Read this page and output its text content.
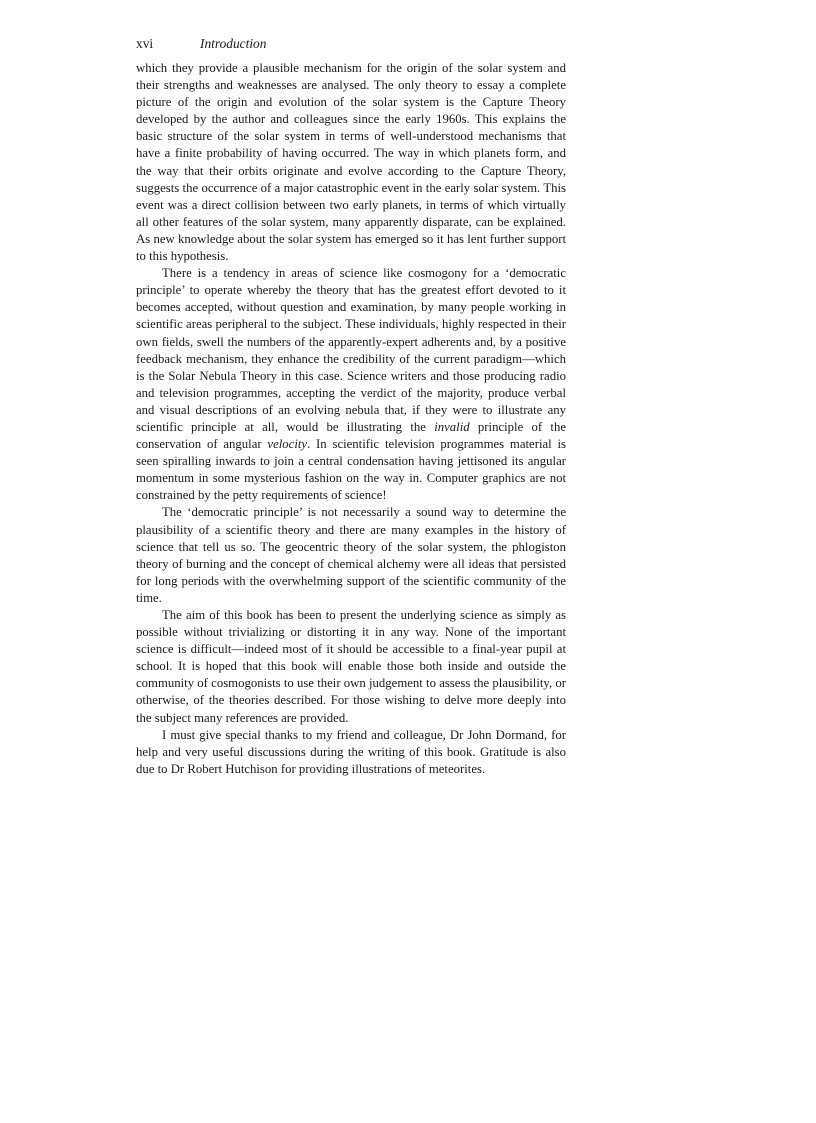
xvi	Introduction

which they provide a plausible mechanism for the origin of the solar system and their strengths and weaknesses are analysed. The only theory to essay a complete picture of the origin and evolution of the solar system is the Capture Theory developed by the author and colleagues since the early 1960s. This explains the basic structure of the solar system in terms of well-understood mechanisms that have a finite probability of having occurred. The way in which planets form, and the way that their orbits originate and evolve according to the Capture Theory, suggests the occurrence of a major catastrophic event in the early solar system. This event was a direct collision between two early planets, in terms of which virtually all other features of the solar system, many apparently disparate, can be explained. As new knowledge about the solar system has emerged so it has lent further support to this hypothesis.

There is a tendency in areas of science like cosmogony for a ‘democratic principle’ to operate whereby the theory that has the greatest effort devoted to it becomes accepted, without question and examination, by many people working in scientific areas peripheral to the subject. These individuals, highly respected in their own fields, swell the numbers of the apparently-expert adherents and, by a positive feedback mechanism, they enhance the credibility of the current paradigm—which is the Solar Nebula Theory in this case. Science writers and those producing radio and television programmes, accepting the verdict of the majority, produce verbal and visual descriptions of an evolving nebula that, if they were to illustrate any scientific principle at all, would be illustrating the invalid principle of the conservation of angular velocity. In scientific television programmes material is seen spiralling inwards to join a central condensation having jettisoned its angular momentum in some mysterious fashion on the way in. Computer graphics are not constrained by the petty requirements of science!

The ‘democratic principle’ is not necessarily a sound way to determine the plausibility of a scientific theory and there are many examples in the history of science that tell us so. The geocentric theory of the solar system, the phlogiston theory of burning and the concept of chemical alchemy were all ideas that persisted for long periods with the overwhelming support of the scientific community of the time.

The aim of this book has been to present the underlying science as simply as possible without trivializing or distorting it in any way. None of the important science is difficult—indeed most of it should be accessible to a final-year pupil at school. It is hoped that this book will enable those both inside and outside the community of cosmogonists to use their own judgement to assess the plausibility, or otherwise, of the theories described. For those wishing to delve more deeply into the subject many references are provided.

I must give special thanks to my friend and colleague, Dr John Dormand, for help and very useful discussions during the writing of this book. Gratitude is also due to Dr Robert Hutchison for providing illustrations of meteorites.
